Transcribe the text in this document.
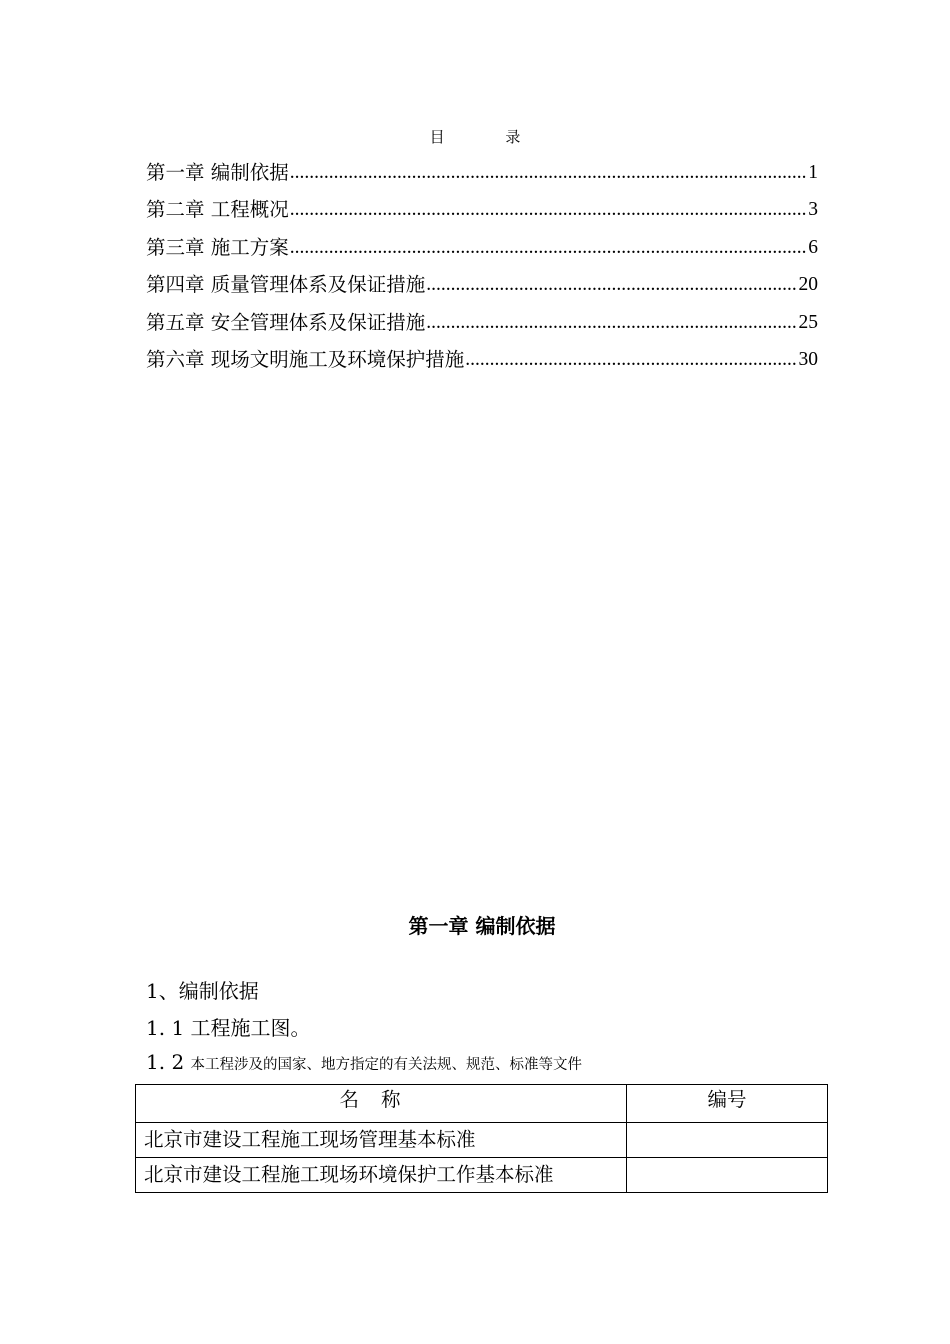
目 录
第一章 编制依据 .....	1
第二章 工程概况 .....	3
第三章 施工方案 .....	6
第四章 质量管理体系及保证措施 .....	20
第五章 安全管理体系及保证措施 .....	25
第六章 现场文明施工及环境保护措施 .....	30
第一章 编制依据
1、编制依据
1. 1 工程施工图。
1. 2 本工程涉及的国家、地方指定的有关法规、规范、标准等文件
名称	编号
北京市建设工程施工现场管理基本标准	
北京市建设工程施工现场环境保护工作基本标准	
